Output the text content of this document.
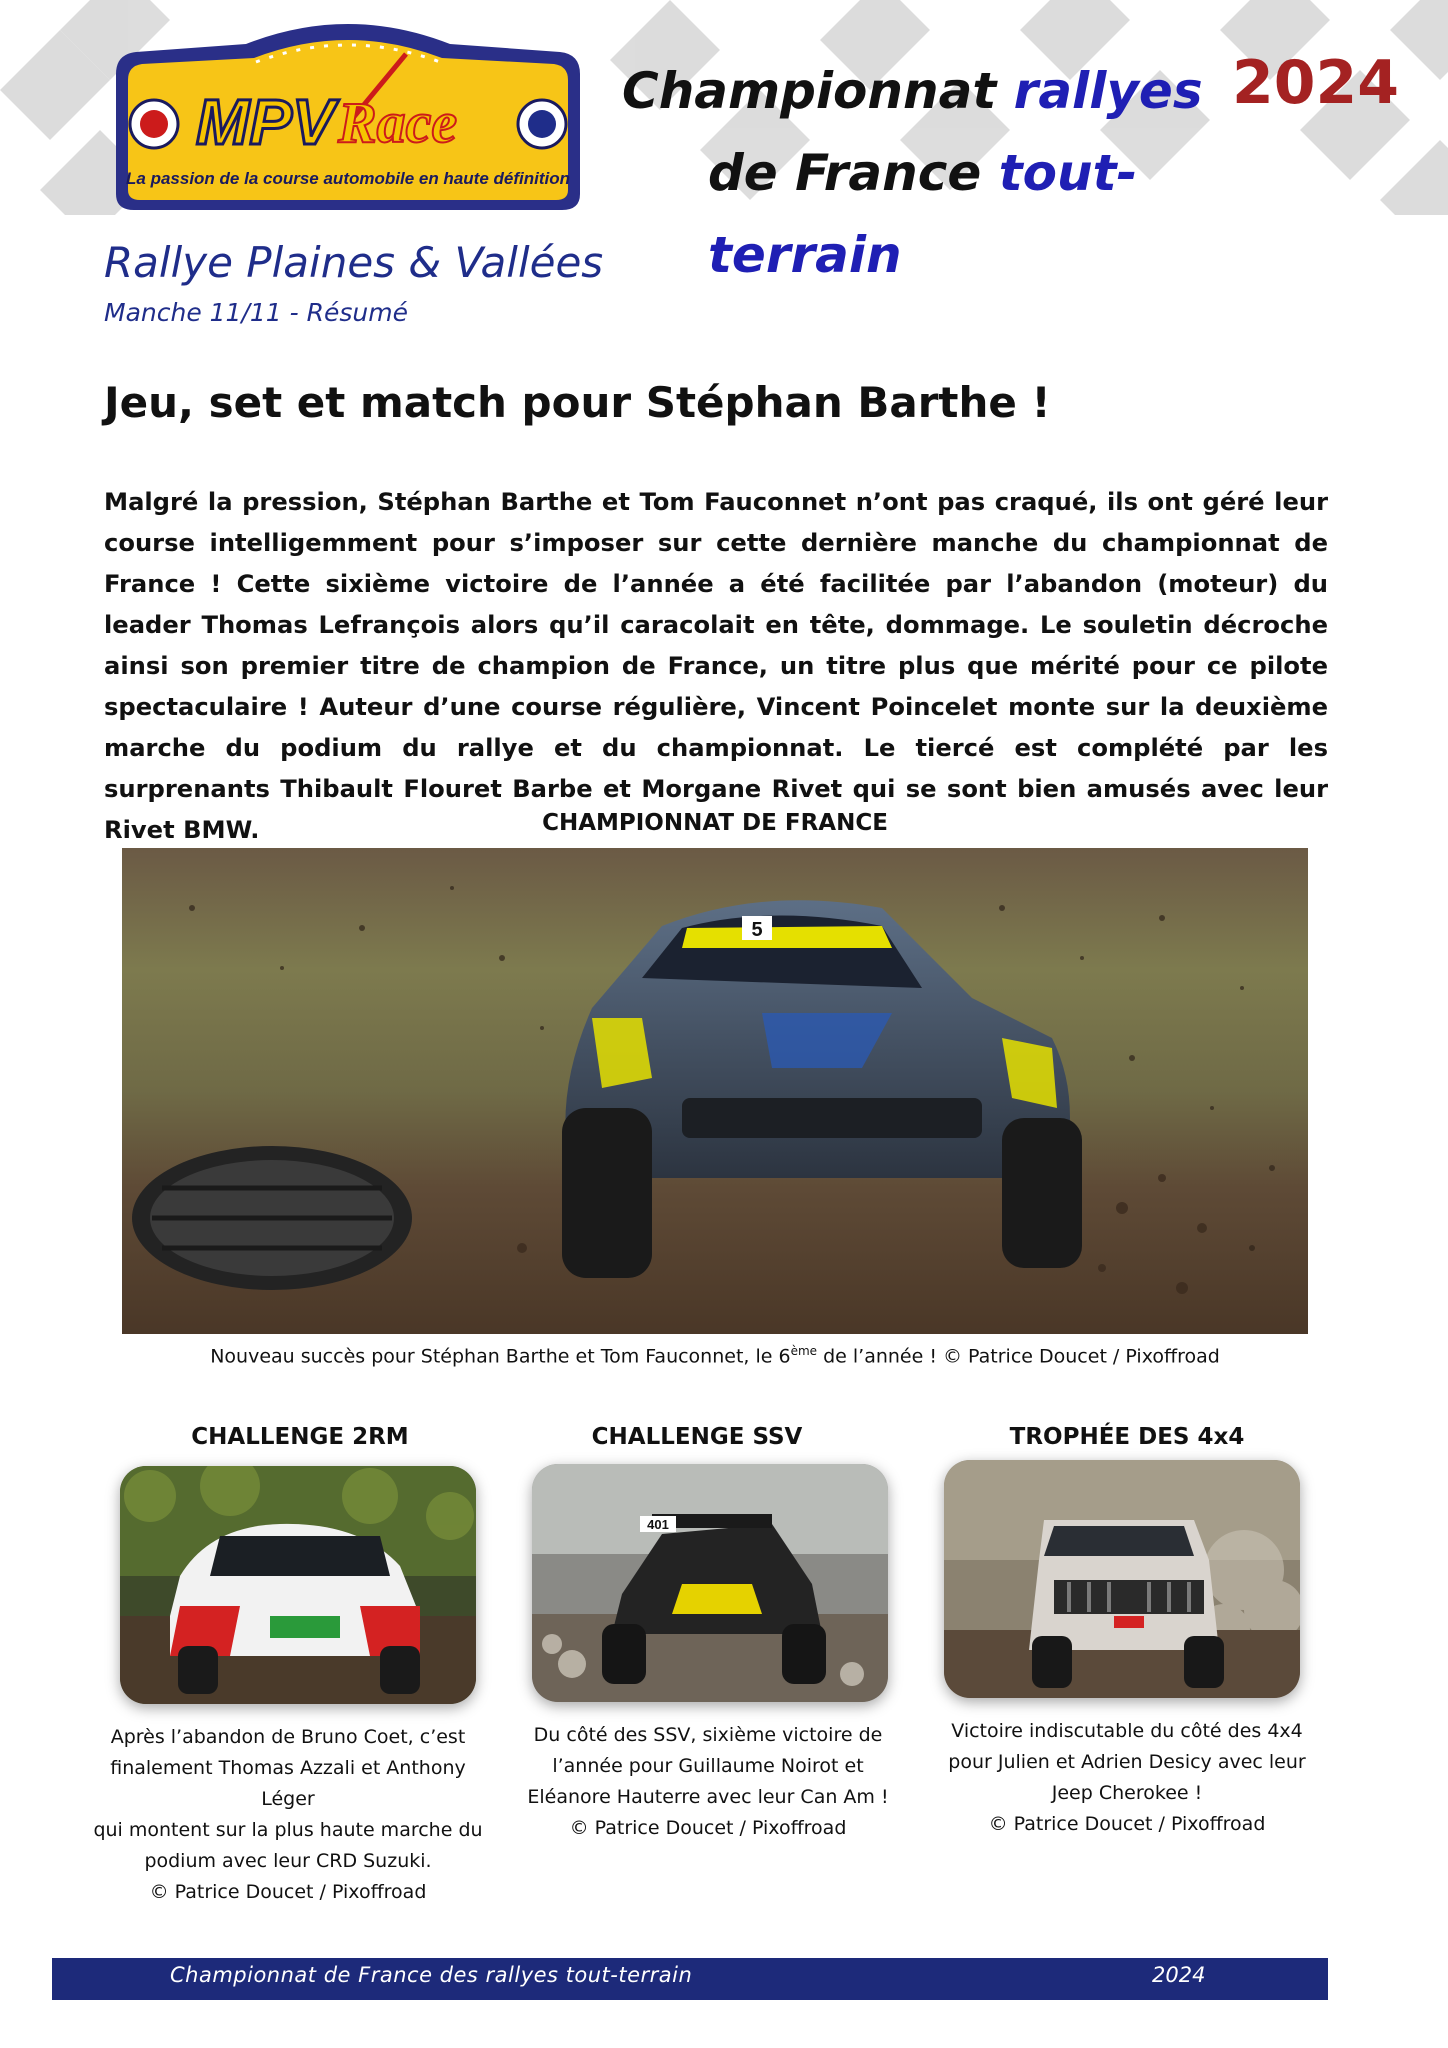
MPV Race
La passion de la course automobile en haute définition
Championnat rallyes
de France tout-terrain
2024
Rallye Plaines & Vallées
Manche 11/11 - Résumé
Jeu, set et match pour Stéphan Barthe !

Malgré la pression, Stéphan Barthe et Tom Fauconnet n’ont pas craqué, ils ont géré leur course intelligemment pour s’imposer sur cette dernière manche du championnat de France ! Cette sixième victoire de l’année a été facilitée par l’abandon (moteur) du leader Thomas Lefrançois alors qu’il caracolait en tête, dommage. Le souletin décroche ainsi son premier titre de champion de France, un titre plus que mérité pour ce pilote spectaculaire ! Auteur d’une course régulière, Vincent Poincelet monte sur la deuxième marche du podium du rallye et du championnat. Le tiercé est complété par les surprenants Thibault Flouret Barbe et Morgane Rivet qui se sont bien amusés avec leur Rivet BMW.	CHAMPIONNAT DE FRANCE
5
Nouveau succès pour Stéphan Barthe et Tom Fauconnet, le 6ème de l’année ! © Patrice Doucet / Pixoffroad
CHALLENGE 2RM
Après l’abandon de Bruno Coet, c’est
finalement Thomas Azzali et Anthony Léger
qui montent sur la plus haute marche du
podium avec leur CRD Suzuki.
© Patrice Doucet / Pixoffroad
CHALLENGE SSV
401
Du côté des SSV, sixième victoire de
l’année pour Guillaume Noirot et
Eléanore Hauterre avec leur Can Am !
© Patrice Doucet / Pixoffroad
TROPHÉE DES 4x4
Victoire indiscutable du côté des 4x4
pour Julien et Adrien Desicy avec leur
Jeep Cherokee !
© Patrice Doucet / Pixoffroad
Championnat de France des rallyes tout-terrain	2024
